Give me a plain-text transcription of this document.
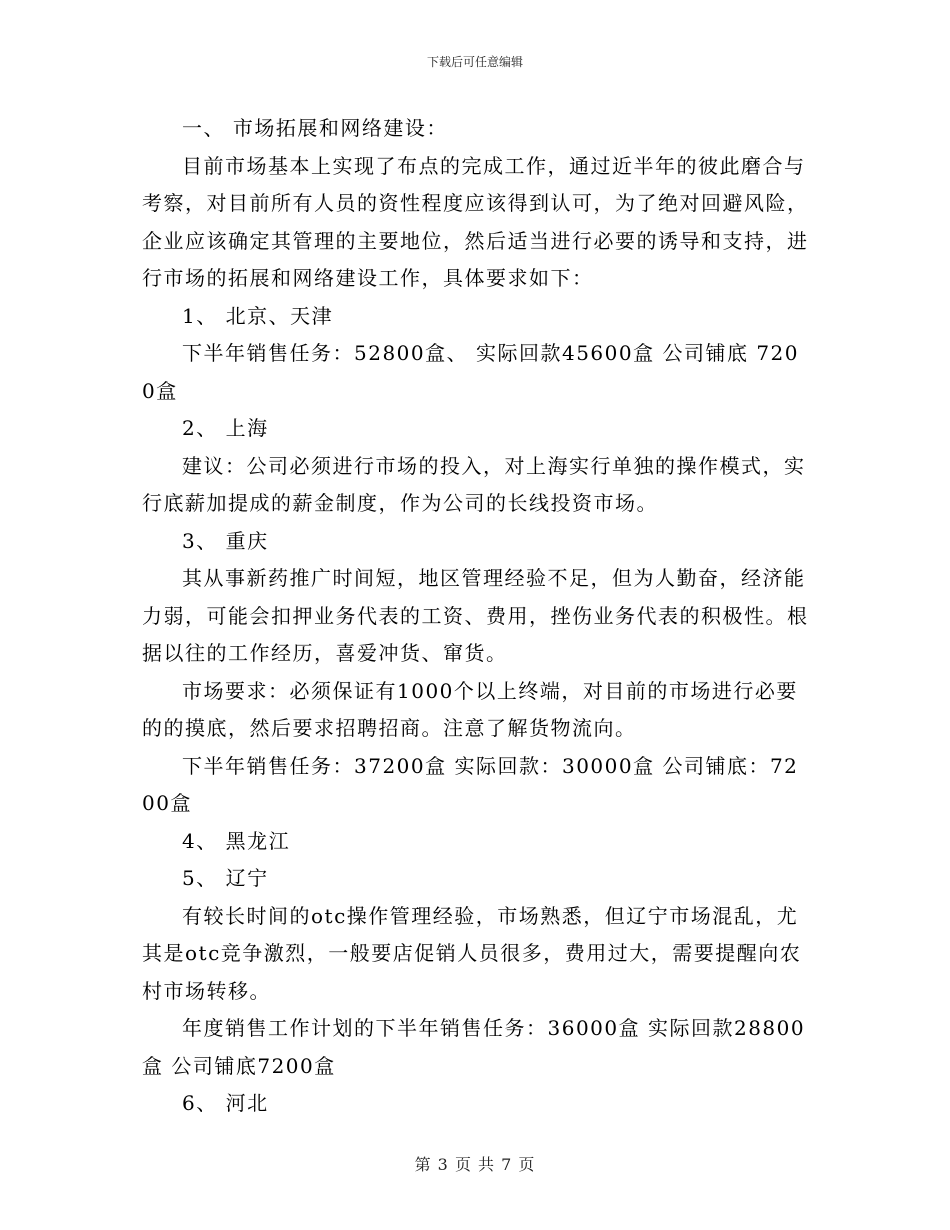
下载后可任意编辑

一、 市场拓展和网络建设：

目前市场基本上实现了布点的完成工作，通过近半年的彼此磨合与考察，对目前所有人员的资性程度应该得到认可，为了绝对回避风险，企业应该确定其管理的主要地位，然后适当进行必要的诱导和支持，进行市场的拓展和网络建设工作，具体要求如下：

1、 北京、天津

下半年销售任务：52800盒、 实际回款45600盒 公司铺底 7200盒

2、 上海

建议：公司必须进行市场的投入，对上海实行单独的操作模式，实行底薪加提成的薪金制度，作为公司的长线投资市场。

3、 重庆

其从事新药推广时间短，地区管理经验不足，但为人勤奋，经济能力弱，可能会扣押业务代表的工资、费用，挫伤业务代表的积极性。根据以往的工作经历，喜爱冲货、窜货。

市场要求：必须保证有1000个以上终端，对目前的市场进行必要的的摸底，然后要求招聘招商。注意了解货物流向。

下半年销售任务：37200盒 实际回款：30000盒 公司铺底：7200盒

4、 黑龙江

5、 辽宁

有较长时间的otc操作管理经验，市场熟悉，但辽宁市场混乱，尤其是otc竞争激烈，一般要店促销人员很多，费用过大，需要提醒向农村市场转移。

年度销售工作计划的下半年销售任务：36000盒 实际回款28800盒 公司铺底7200盒

6、 河北

第 3 页 共 7 页
